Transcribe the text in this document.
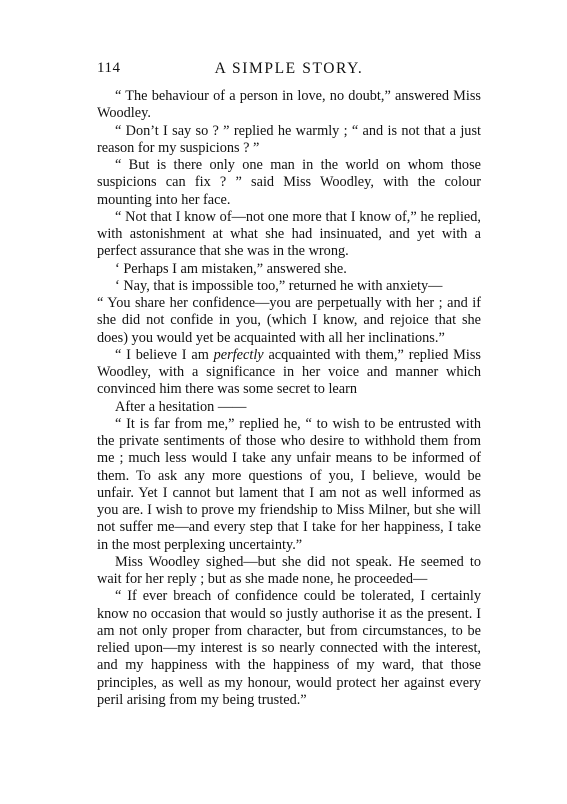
114	A SIMPLE STORY.

“ The behaviour of a person in love, no doubt,” answered Miss Woodley.

“ Don’t I say so ? ” replied he warmly ; “ and is not that a just reason for my suspicions ? ”

“ But is there only one man in the world on whom those suspicions can fix ? ” said Miss Woodley, with the colour mounting into her face.

“ Not that I know of—not one more that I know of,” he replied, with astonishment at what she had insinuated, and yet with a perfect assurance that she was in the wrong.

‘ Perhaps I am mistaken,” answered she.

‘ Nay, that is impossible too,” returned he with anxiety—

“ You share her confidence—you are perpetually with her ; and if she did not confide in you, (which I know, and rejoice that she does) you would yet be acquainted with all her inclinations.”

“ I believe I am perfectly acquainted with them,” replied Miss Woodley, with a significance in her voice and manner which convinced him there was some secret to learn

After a hesitation ——

“ It is far from me,” replied he, “ to wish to be entrusted with the private sentiments of those who desire to withhold them from me ; much less would I take any unfair means to be informed of them. To ask any more questions of you, I believe, would be unfair. Yet I cannot but lament that I am not as well informed as you are. I wish to prove my friendship to Miss Milner, but she will not suffer me—and every step that I take for her happiness, I take in the most perplexing uncertainty.”

Miss Woodley sighed—but she did not speak. He seemed to wait for her reply ; but as she made none, he proceeded—

“ If ever breach of confidence could be tolerated, I certainly know no occasion that would so justly authorise it as the present. I am not only proper from character, but from circumstances, to be relied upon—my interest is so nearly connected with the interest, and my happiness with the happiness of my ward, that those principles, as well as my honour, would protect her against every peril arising from my being trusted.”
